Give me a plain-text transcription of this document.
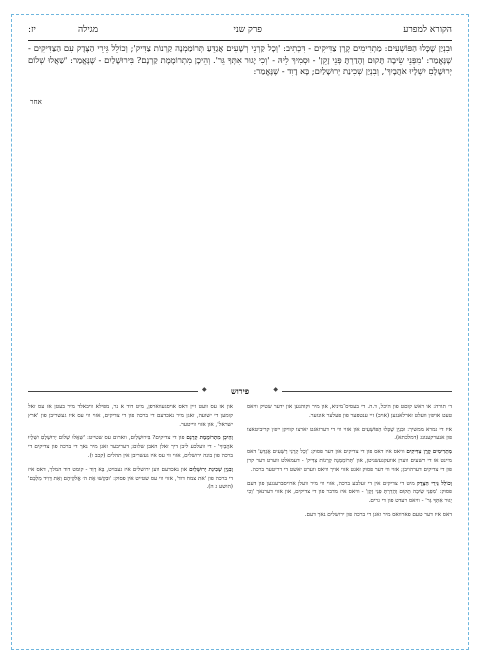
הקורא למפרע
פרק שני
מגילה
יז:
וּבִנְיַן שֶׁכָּלוּ הַפּוֹשְׁעִים: מַתְרִימִים קֶרֶן צַדִּיקִים - דִּכְתִיב: 'וְכָל קַרְנֵי רְשָׁעִים אֲגַדֵּעַ תְּרוֹמַמְנָה קַרְנוֹת צַדִּיק'; וְכוֹלֵל גֵּירֵי הַצֶּדֶק עִם הַצַּדִּיקִים - שֶׁנֶּאֱמַר: 'מִפְּנֵי שֵׂיבָה תָּקוּם וְהָדַרְתָּ פְּנֵי זָקֵן' - וּסְמִיךְ לֵיהּ - 'וְכִי יָגוּר אִתְּךָ גֵּר'. וְהֵיכָן מִתְרוֹמֶמֶת קַרְנָם? בִּירוּשָׁלַיִם - שֶׁנֶּאֱמַר: 'שַׁאֲלוּ שְׁלוֹם יְרוּשָׁלָםִ יִשְׁלָיוּ אֹהֲבָיִךְ', וְבִנְיַן שְׁכִינַת יְרוּשָׁלַיִם; בָּא דָוִד - שֶׁנֶּאֱמַר:
אחר
◆	◆
פירוש

ד׳ תורה: או ראש קוםט פון היכל, ד.ה. די בעסיס־מיניא, און מיר וקוהנען און ידער שטיק וויאס טעט אויפ׳ן וועלט זארלאנגען (אויב) זיי ענטפער פון פעלער אונזער.

איז די גמרא ממשיך: וּבִנְיַן שֶׁכָּלוּ הַפּוֹשְׁעִים און אזוי ווי די דערזאגט יארצו קוויקן ייפ׳ן קריביטאצו פון אנערקענונג (דמלכתא).

מַתְרִימִים קֶרֶן צַדִּיקִים וויאס איז דאס פון די צדיקים און דער פסוק: 'וְכָל קַרְנֵי רְשָׁעִים אֲגַדֵּעַ' דאס מיינט אז די רשעים ווערן אוועקגעשניטן, און 'תְּרוֹמַמְנָה קַרְנוֹת צַדִּיק' - דעמאלט ווערט דער קרן פון די צדיקים דערהויבן; אזוי ווי דער פסוק זאגט אזוי אויך וויאס ווערט יאשט די דריטער ברכה.

וְכוֹלֵל גֵּירֵי הַצֶּדֶק מיט די צדיקים אין די זעלבע ברכה, אזוי ווי מיר וועלן ארויסברענגען פון דעם פסוק: 'מִפְּנֵי שֵׂיבָה תָּקוּם וְהָדַרְתָּ פְּנֵי זָקֵן' - וויאס איז מדבר פון די צדיקים, און אזוי דערנאך 'וְכִי יָגוּר אִתְּךָ גֵּר' - וויאס רעדט פון די גרים.

דאס איז דער טעם פארוואס מיר זאגן די ברכה פון ירושלים נאך דעם.

און אז עס וועט זיין דאס אויסגעווארפן, מיט דוד א נר, מפילא וויבאלד מיר בעטן אז עס זאל קומען די ישועה, זאגן מיר נאכדעם די ברכה פון די צדיקים, אזוי ווי עס איז געשריבן פון 'ארץ ישראל', און אזוי ווייטער.

וְהֵיכָן מִתְרוֹמֶמֶת קַרְנָם פון די צדיקים? בִּירוּשָׁלַיִם, ווארום עס שטייט: 'שַׁאֲלוּ שְׁלוֹם יְרוּשָׁלָםִ יִשְׁלָיוּ אֹהֲבָיִךְ' - די וועלכע ליבן דיך זאלן האבן שלום; דעריבער זאגן מיר נאך די ברכה פון צדיקים די ברכה פון בונה ירושלים, אזוי ווי עס איז געשריבן אין תהלים (קכב ו).

וְבִנְיַן שְׁכִינַת יְרוּשָׁלַיִם און נאכדעם ווען ירושלים איז געבויט, בָּא דָוִד - קומט דוד המלך, דאס איז די ברכה פון 'את צמח דוד', אזוי ווי עס שטייט אין פסוק: 'וּבִקְשׁוּ אֶת ה׳ אֱלֹקֵיהֶם וְאֵת דָּוִיד מַלְכָּם' (הושע ג ה).
